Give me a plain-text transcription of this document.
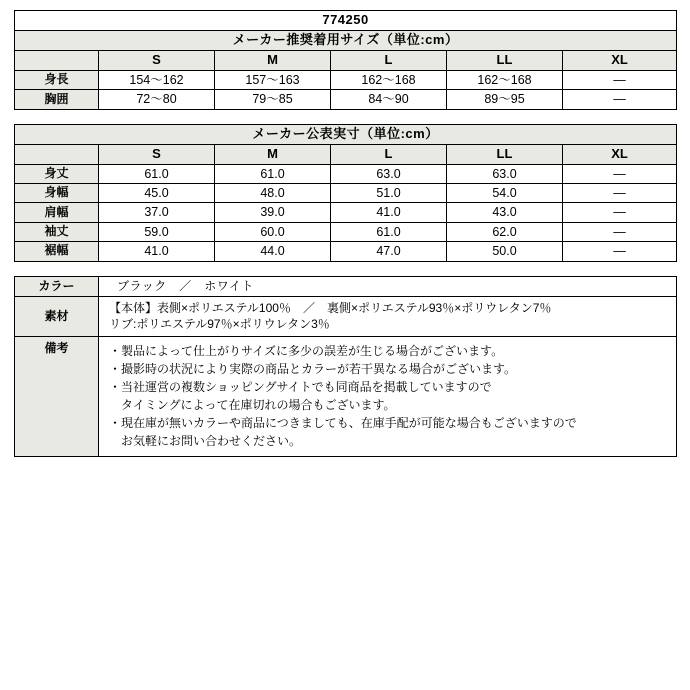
774250					
メーカー推奨着用サイズ（単位:cm）					
	S	M	L	LL	XL
身長	154〜162	157〜163	162〜168	162〜168	—
胸囲	72〜80	79〜85	84〜90	89〜95	—
メーカー公表実寸（単位:cm）					
	S	M	L	LL	XL
身丈	61.0	61.0	63.0	63.0	—
身幅	45.0	48.0	51.0	54.0	—
肩幅	37.0	39.0	41.0	43.0	—
袖丈	59.0	60.0	61.0	62.0	—
裾幅	41.0	44.0	47.0	50.0	—
カラー	ブラック　／　ホワイト
素材	【本体】表側×ポリエステル100％　／　裏側×ポリエステル93％×ポリウレタン7％
リブ:ポリエステル97％×ポリウレタン3％

備考	・製品によって仕上がりサイズに多少の誤差が生じる場合がございます。
・撮影時の状況により実際の商品とカラーが若干異なる場合がございます。
・当社運営の複数ショッピングサイトでも同商品を掲載していますので
　タイミングによって在庫切れの場合もございます。
・現在庫が無いカラーや商品につきましても、在庫手配が可能な場合もございますので
　お気軽にお問い合わせください。
